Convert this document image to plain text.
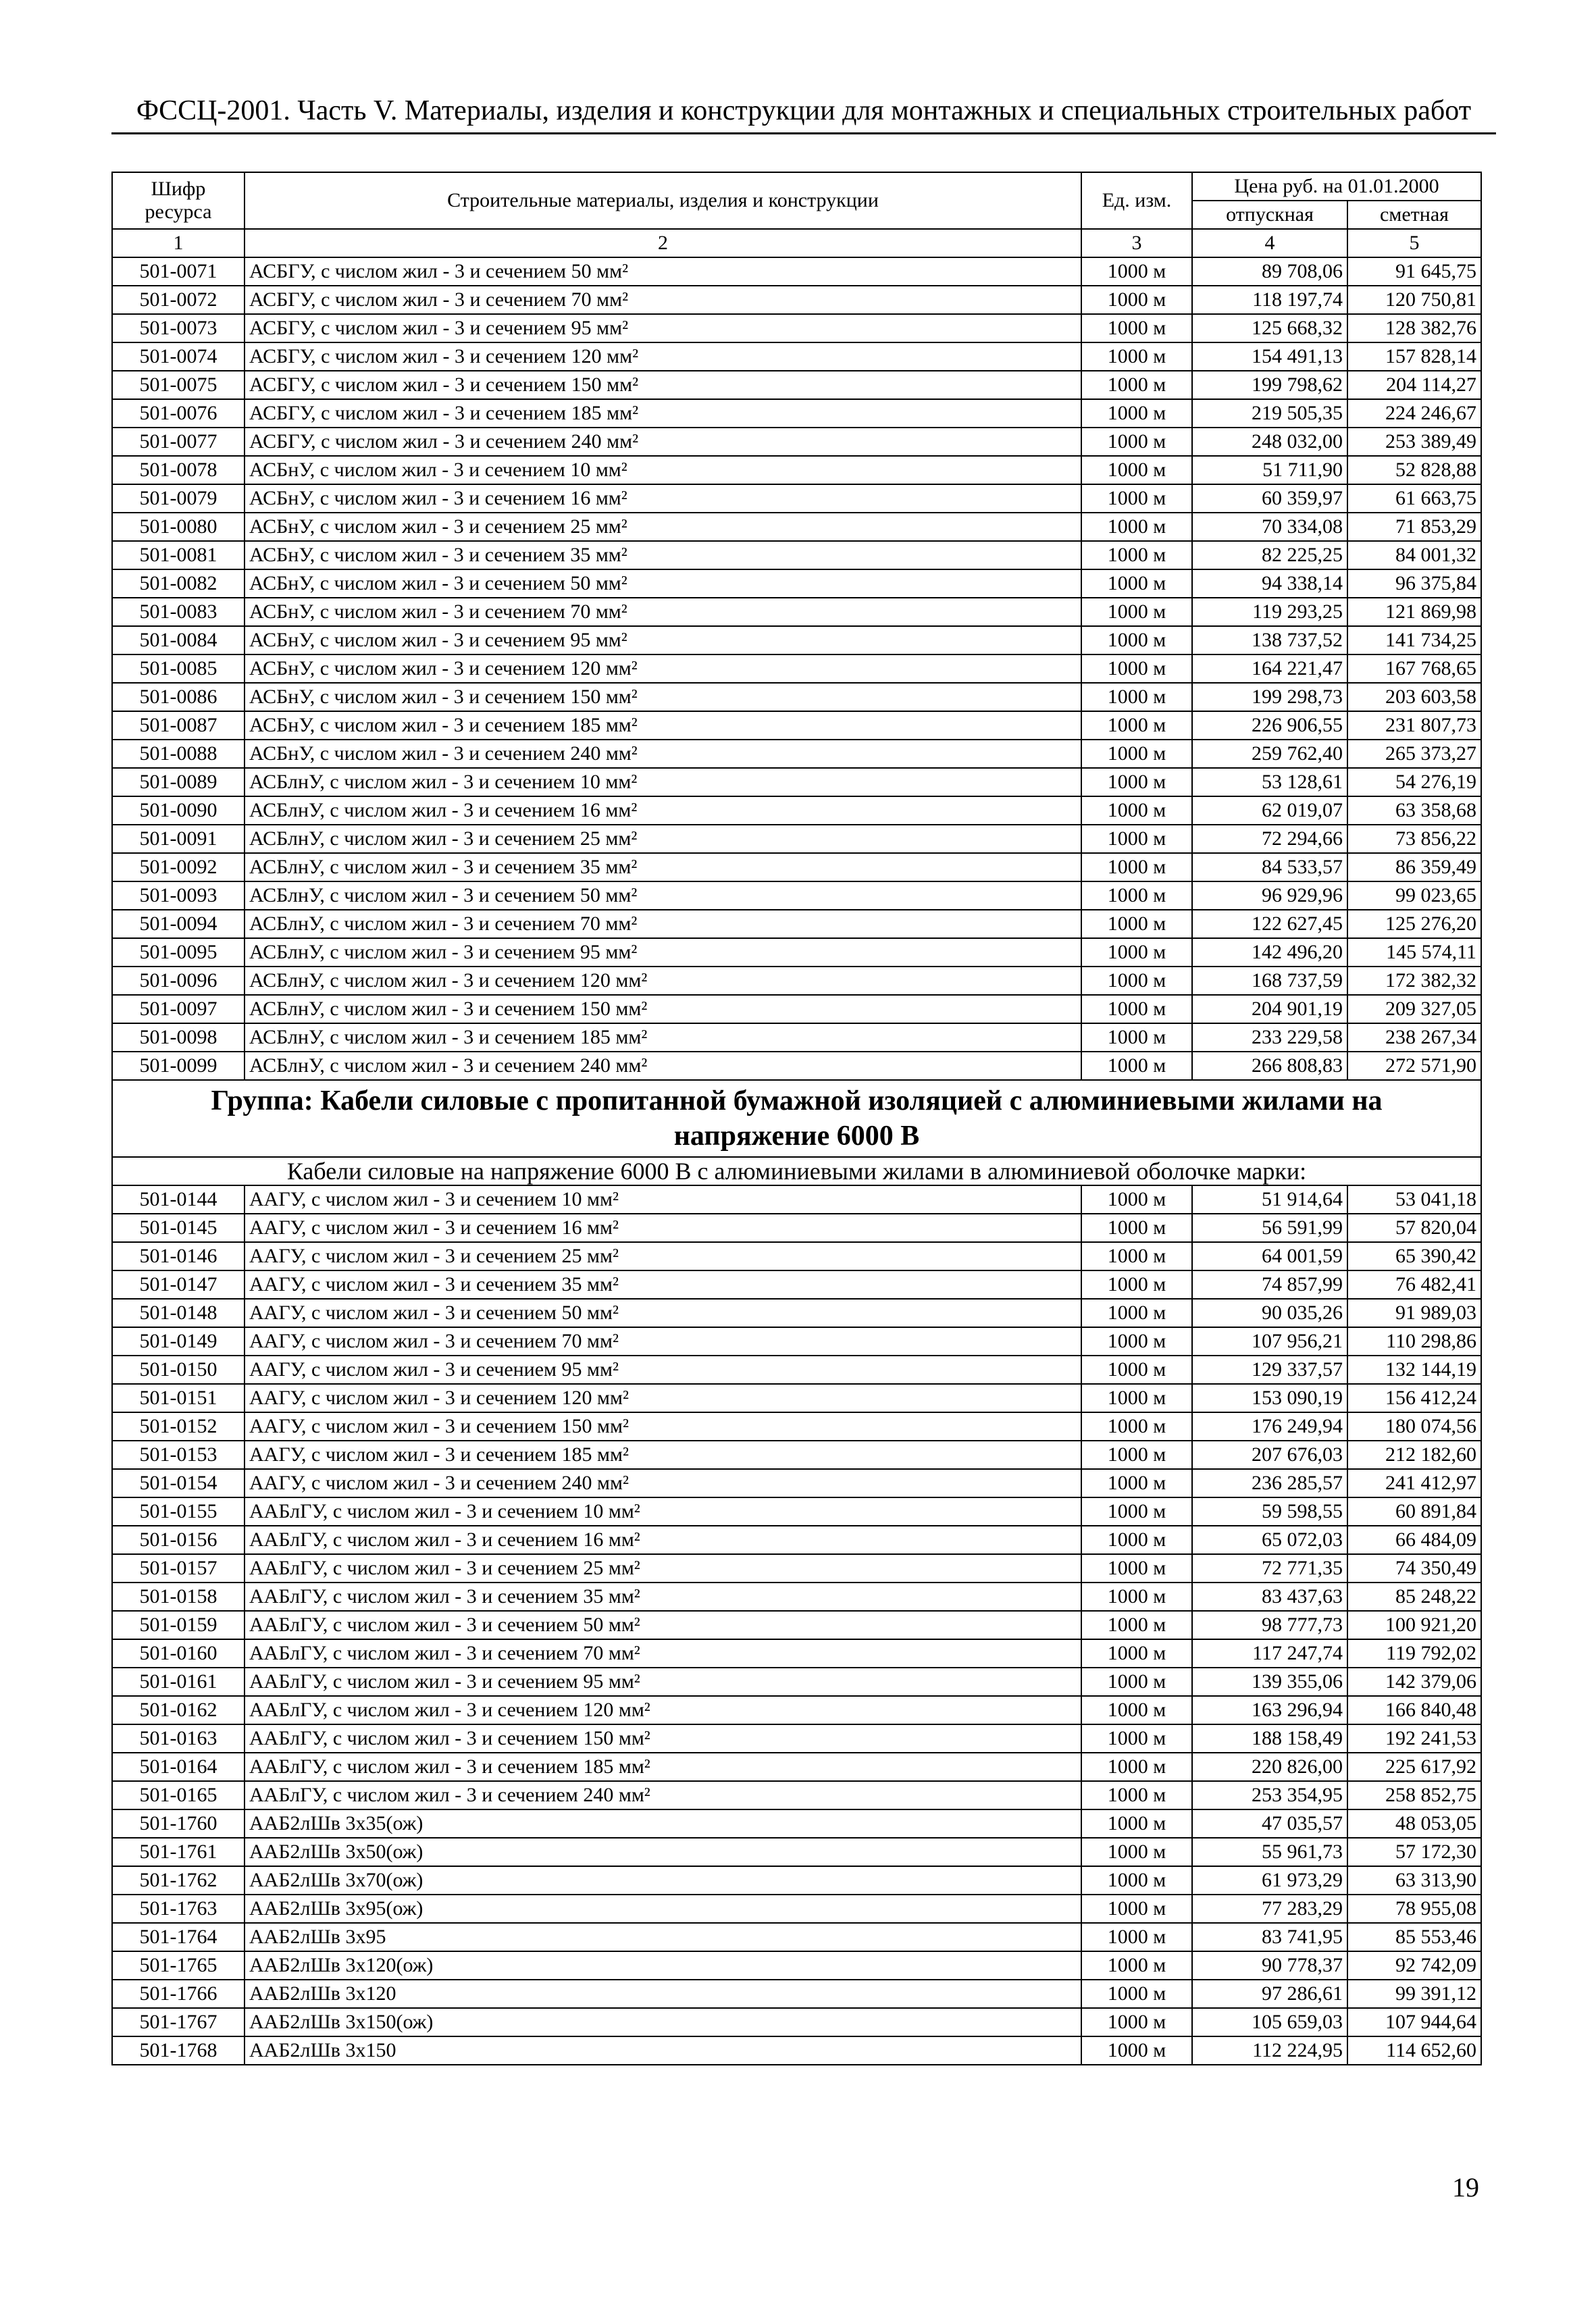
ФССЦ-2001. Часть V. Материалы, изделия и конструкции для монтажных и специальных строительных работ
Шифр ресурса	Строительные материалы, изделия и конструкции	Ед. изм.	Цена руб. на 01.01.2000	
			отпускная	сметная
1	2	3	4	5
501-0071	АСБГУ, с числом жил - 3 и сечением 50 мм²	1000 м	89 708,06	91 645,75
501-0072	АСБГУ, с числом жил - 3 и сечением 70 мм²	1000 м	118 197,74	120 750,81
501-0073	АСБГУ, с числом жил - 3 и сечением 95 мм²	1000 м	125 668,32	128 382,76
501-0074	АСБГУ, с числом жил - 3 и сечением 120 мм²	1000 м	154 491,13	157 828,14
501-0075	АСБГУ, с числом жил - 3 и сечением 150 мм²	1000 м	199 798,62	204 114,27
501-0076	АСБГУ, с числом жил - 3 и сечением 185 мм²	1000 м	219 505,35	224 246,67
501-0077	АСБГУ, с числом жил - 3 и сечением 240 мм²	1000 м	248 032,00	253 389,49
501-0078	АСБнУ, с числом жил - 3 и сечением 10 мм²	1000 м	51 711,90	52 828,88
501-0079	АСБнУ, с числом жил - 3 и сечением 16 мм²	1000 м	60 359,97	61 663,75
501-0080	АСБнУ, с числом жил - 3 и сечением 25 мм²	1000 м	70 334,08	71 853,29
501-0081	АСБнУ, с числом жил - 3 и сечением 35 мм²	1000 м	82 225,25	84 001,32
501-0082	АСБнУ, с числом жил - 3 и сечением 50 мм²	1000 м	94 338,14	96 375,84
501-0083	АСБнУ, с числом жил - 3 и сечением 70 мм²	1000 м	119 293,25	121 869,98
501-0084	АСБнУ, с числом жил - 3 и сечением 95 мм²	1000 м	138 737,52	141 734,25
501-0085	АСБнУ, с числом жил - 3 и сечением 120 мм²	1000 м	164 221,47	167 768,65
501-0086	АСБнУ, с числом жил - 3 и сечением 150 мм²	1000 м	199 298,73	203 603,58
501-0087	АСБнУ, с числом жил - 3 и сечением 185 мм²	1000 м	226 906,55	231 807,73
501-0088	АСБнУ, с числом жил - 3 и сечением 240 мм²	1000 м	259 762,40	265 373,27
501-0089	АСБлнУ, с числом жил - 3 и сечением 10 мм²	1000 м	53 128,61	54 276,19
501-0090	АСБлнУ, с числом жил - 3 и сечением 16 мм²	1000 м	62 019,07	63 358,68
501-0091	АСБлнУ, с числом жил - 3 и сечением 25 мм²	1000 м	72 294,66	73 856,22
501-0092	АСБлнУ, с числом жил - 3 и сечением 35 мм²	1000 м	84 533,57	86 359,49
501-0093	АСБлнУ, с числом жил - 3 и сечением 50 мм²	1000 м	96 929,96	99 023,65
501-0094	АСБлнУ, с числом жил - 3 и сечением 70 мм²	1000 м	122 627,45	125 276,20
501-0095	АСБлнУ, с числом жил - 3 и сечением 95 мм²	1000 м	142 496,20	145 574,11
501-0096	АСБлнУ, с числом жил - 3 и сечением 120 мм²	1000 м	168 737,59	172 382,32
501-0097	АСБлнУ, с числом жил - 3 и сечением 150 мм²	1000 м	204 901,19	209 327,05
501-0098	АСБлнУ, с числом жил - 3 и сечением 185 мм²	1000 м	233 229,58	238 267,34
501-0099	АСБлнУ, с числом жил - 3 и сечением 240 мм²	1000 м	266 808,83	272 571,90
Группа: Кабели силовые с пропитанной бумажной изоляцией с алюминиевыми жилами на напряжение 6000 В				
Кабели силовые на напряжение 6000 В с алюминиевыми жилами в алюминиевой оболочке марки:				
501-0144	ААГУ, с числом жил - 3 и сечением 10 мм²	1000 м	51 914,64	53 041,18
501-0145	ААГУ, с числом жил - 3 и сечением 16 мм²	1000 м	56 591,99	57 820,04
501-0146	ААГУ, с числом жил - 3 и сечением 25 мм²	1000 м	64 001,59	65 390,42
501-0147	ААГУ, с числом жил - 3 и сечением 35 мм²	1000 м	74 857,99	76 482,41
501-0148	ААГУ, с числом жил - 3 и сечением 50 мм²	1000 м	90 035,26	91 989,03
501-0149	ААГУ, с числом жил - 3 и сечением 70 мм²	1000 м	107 956,21	110 298,86
501-0150	ААГУ, с числом жил - 3 и сечением 95 мм²	1000 м	129 337,57	132 144,19
501-0151	ААГУ, с числом жил - 3 и сечением 120 мм²	1000 м	153 090,19	156 412,24
501-0152	ААГУ, с числом жил - 3 и сечением 150 мм²	1000 м	176 249,94	180 074,56
501-0153	ААГУ, с числом жил - 3 и сечением 185 мм²	1000 м	207 676,03	212 182,60
501-0154	ААГУ, с числом жил - 3 и сечением 240 мм²	1000 м	236 285,57	241 412,97
501-0155	ААБлГУ, с числом жил - 3 и сечением 10 мм²	1000 м	59 598,55	60 891,84
501-0156	ААБлГУ, с числом жил - 3 и сечением 16 мм²	1000 м	65 072,03	66 484,09
501-0157	ААБлГУ, с числом жил - 3 и сечением 25 мм²	1000 м	72 771,35	74 350,49
501-0158	ААБлГУ, с числом жил - 3 и сечением 35 мм²	1000 м	83 437,63	85 248,22
501-0159	ААБлГУ, с числом жил - 3 и сечением 50 мм²	1000 м	98 777,73	100 921,20
501-0160	ААБлГУ, с числом жил - 3 и сечением 70 мм²	1000 м	117 247,74	119 792,02
501-0161	ААБлГУ, с числом жил - 3 и сечением 95 мм²	1000 м	139 355,06	142 379,06
501-0162	ААБлГУ, с числом жил - 3 и сечением 120 мм²	1000 м	163 296,94	166 840,48
501-0163	ААБлГУ, с числом жил - 3 и сечением 150 мм²	1000 м	188 158,49	192 241,53
501-0164	ААБлГУ, с числом жил - 3 и сечением 185 мм²	1000 м	220 826,00	225 617,92
501-0165	ААБлГУ, с числом жил - 3 и сечением 240 мм²	1000 м	253 354,95	258 852,75
501-1760	ААБ2лШв 3х35(ож)	1000 м	47 035,57	48 053,05
501-1761	ААБ2лШв 3х50(ож)	1000 м	55 961,73	57 172,30
501-1762	ААБ2лШв 3х70(ож)	1000 м	61 973,29	63 313,90
501-1763	ААБ2лШв 3х95(ож)	1000 м	77 283,29	78 955,08
501-1764	ААБ2лШв 3х95	1000 м	83 741,95	85 553,46
501-1765	ААБ2лШв 3х120(ож)	1000 м	90 778,37	92 742,09
501-1766	ААБ2лШв 3х120	1000 м	97 286,61	99 391,12
501-1767	ААБ2лШв 3х150(ож)	1000 м	105 659,03	107 944,64
501-1768	ААБ2лШв 3х150	1000 м	112 224,95	114 652,60
19
